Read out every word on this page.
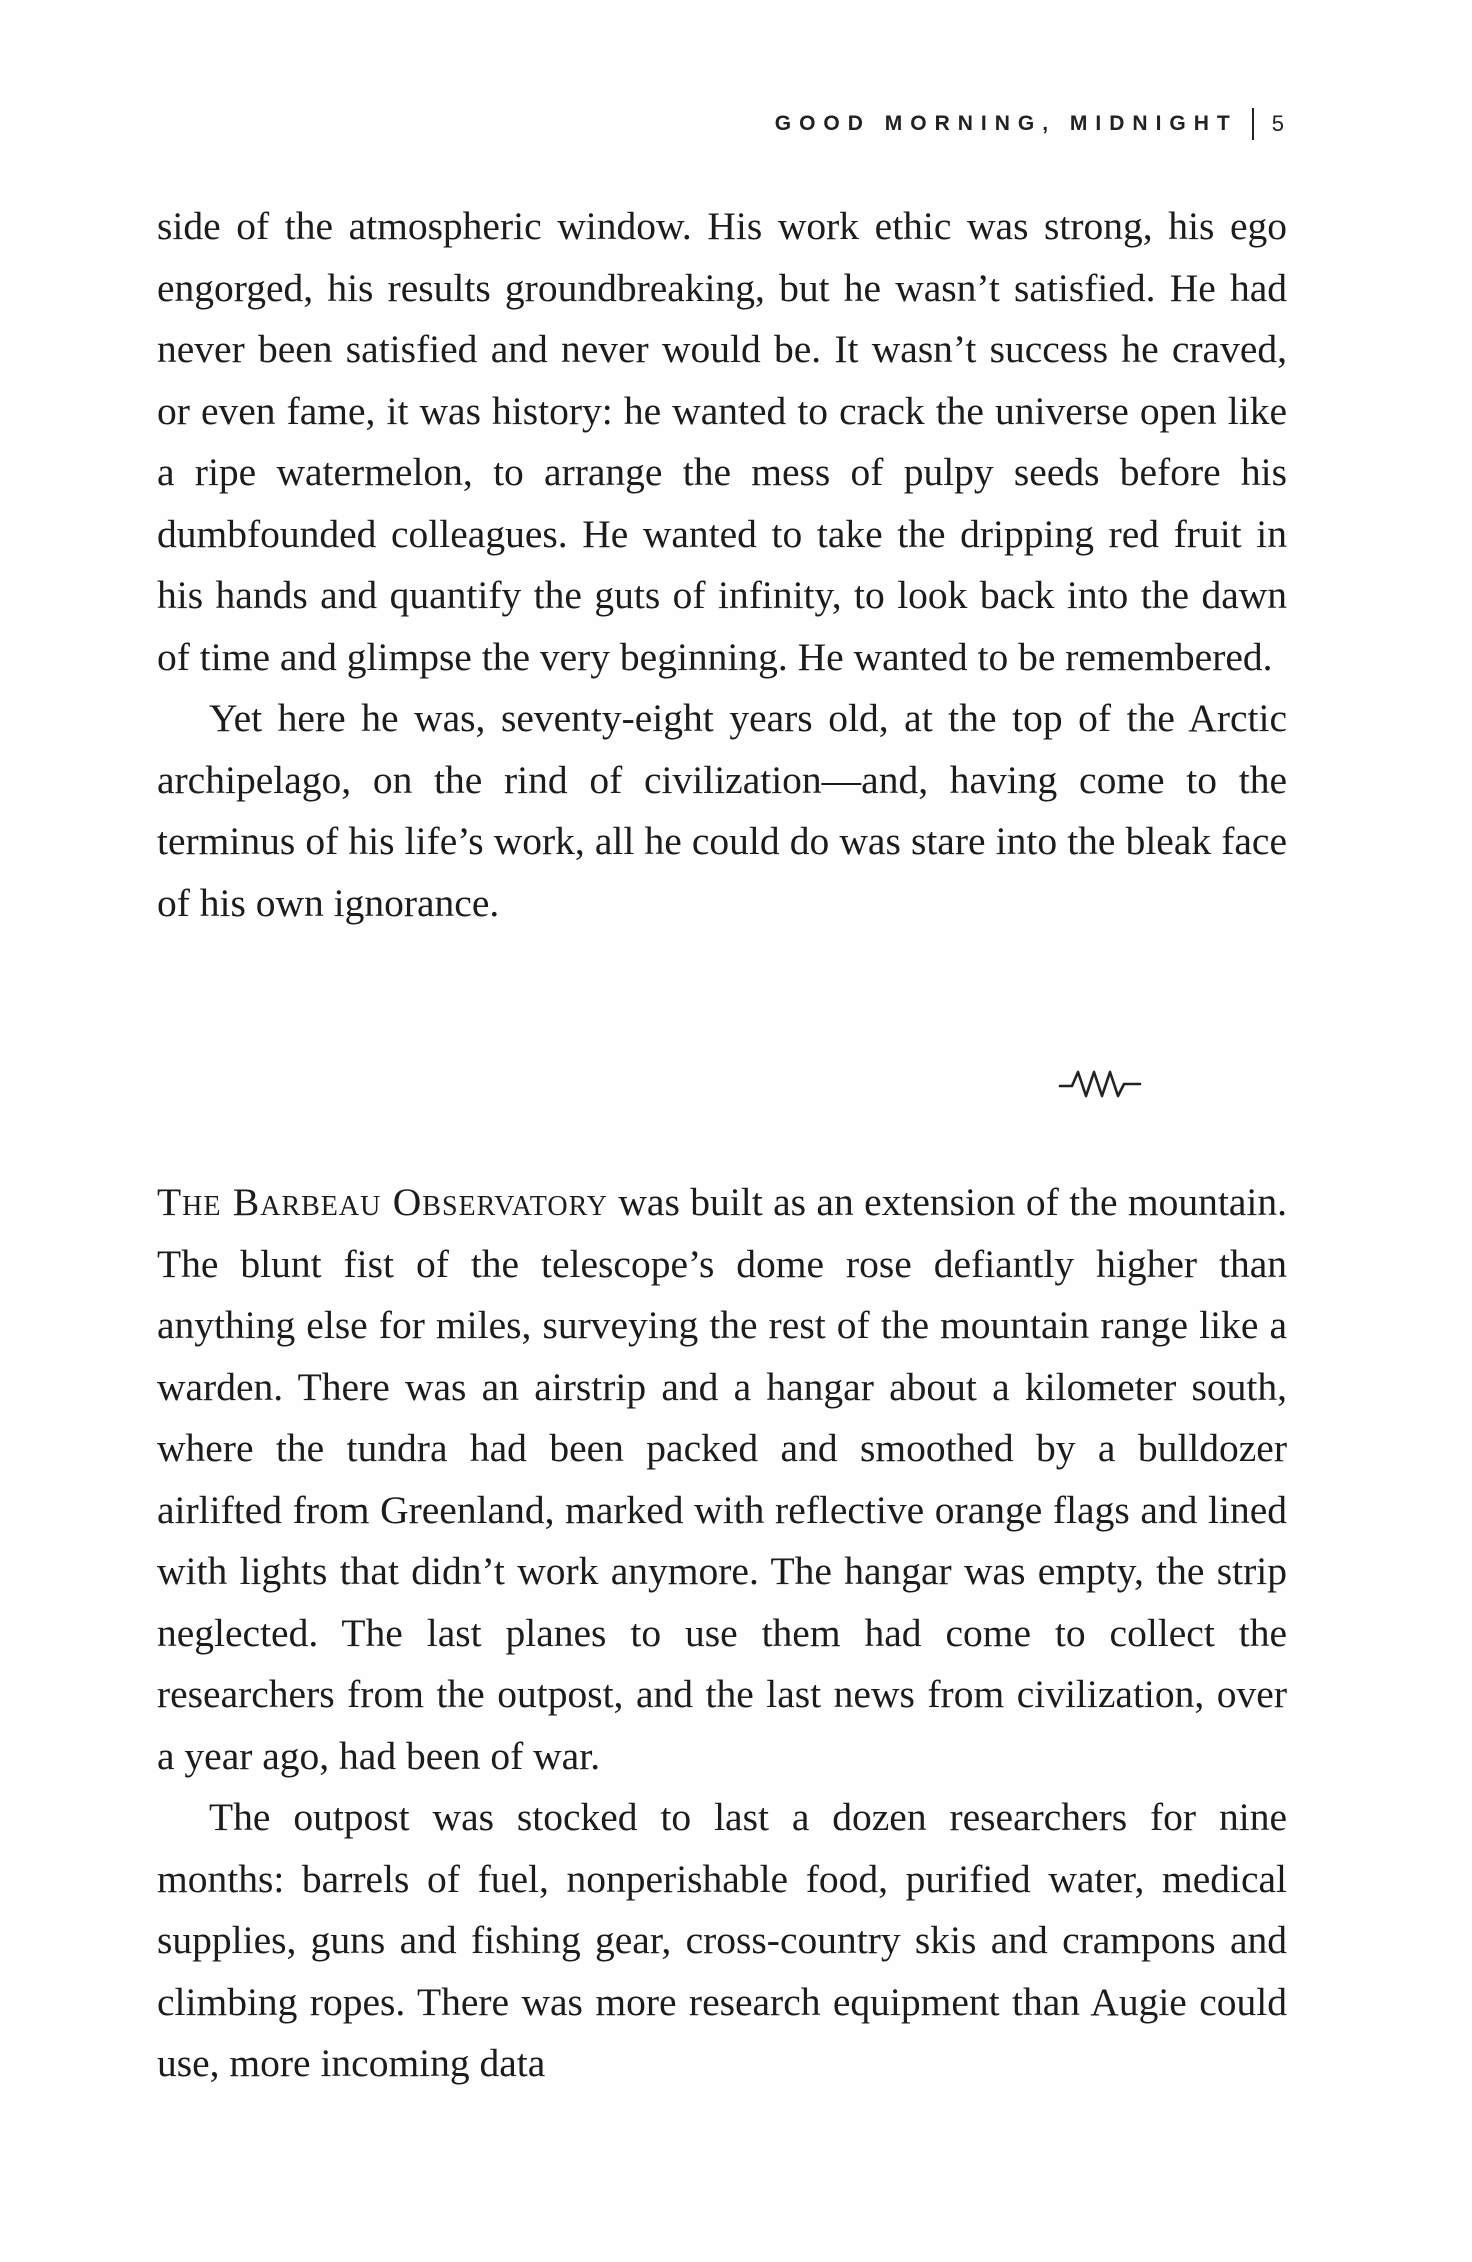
GOOD MORNING, MIDNIGHT 5

side of the atmospheric window. His work ethic was strong, his ego engorged, his results groundbreaking, but he wasn’t satisfied. He had never been satisfied and never would be. It wasn’t success he craved, or even fame, it was history: he wanted to crack the universe open like a ripe watermelon, to arrange the mess of pulpy seeds before his dumbfounded colleagues. He wanted to take the dripping red fruit in his hands and quantify the guts of infinity, to look back into the dawn of time and glimpse the very beginning. He wanted to be remembered.

Yet here he was, seventy-eight years old, at the top of the Arctic archipelago, on the rind of civilization—and, having come to the terminus of his life’s work, all he could do was stare into the bleak face of his own ignorance.

The Barbeau Observatory was built as an extension of the mountain. The blunt fist of the telescope’s dome rose defiantly higher than anything else for miles, surveying the rest of the mountain range like a warden. There was an airstrip and a hangar about a kilometer south, where the tundra had been packed and smoothed by a bulldozer airlifted from Greenland, marked with reflective orange flags and lined with lights that didn’t work anymore. The hangar was empty, the strip neglected. The last planes to use them had come to collect the researchers from the outpost, and the last news from civilization, over a year ago, had been of war.

The outpost was stocked to last a dozen researchers for nine months: barrels of fuel, nonperishable food, purified water, medical supplies, guns and fishing gear, cross-country skis and crampons and climbing ropes. There was more research equipment than Augie could use, more incoming data
